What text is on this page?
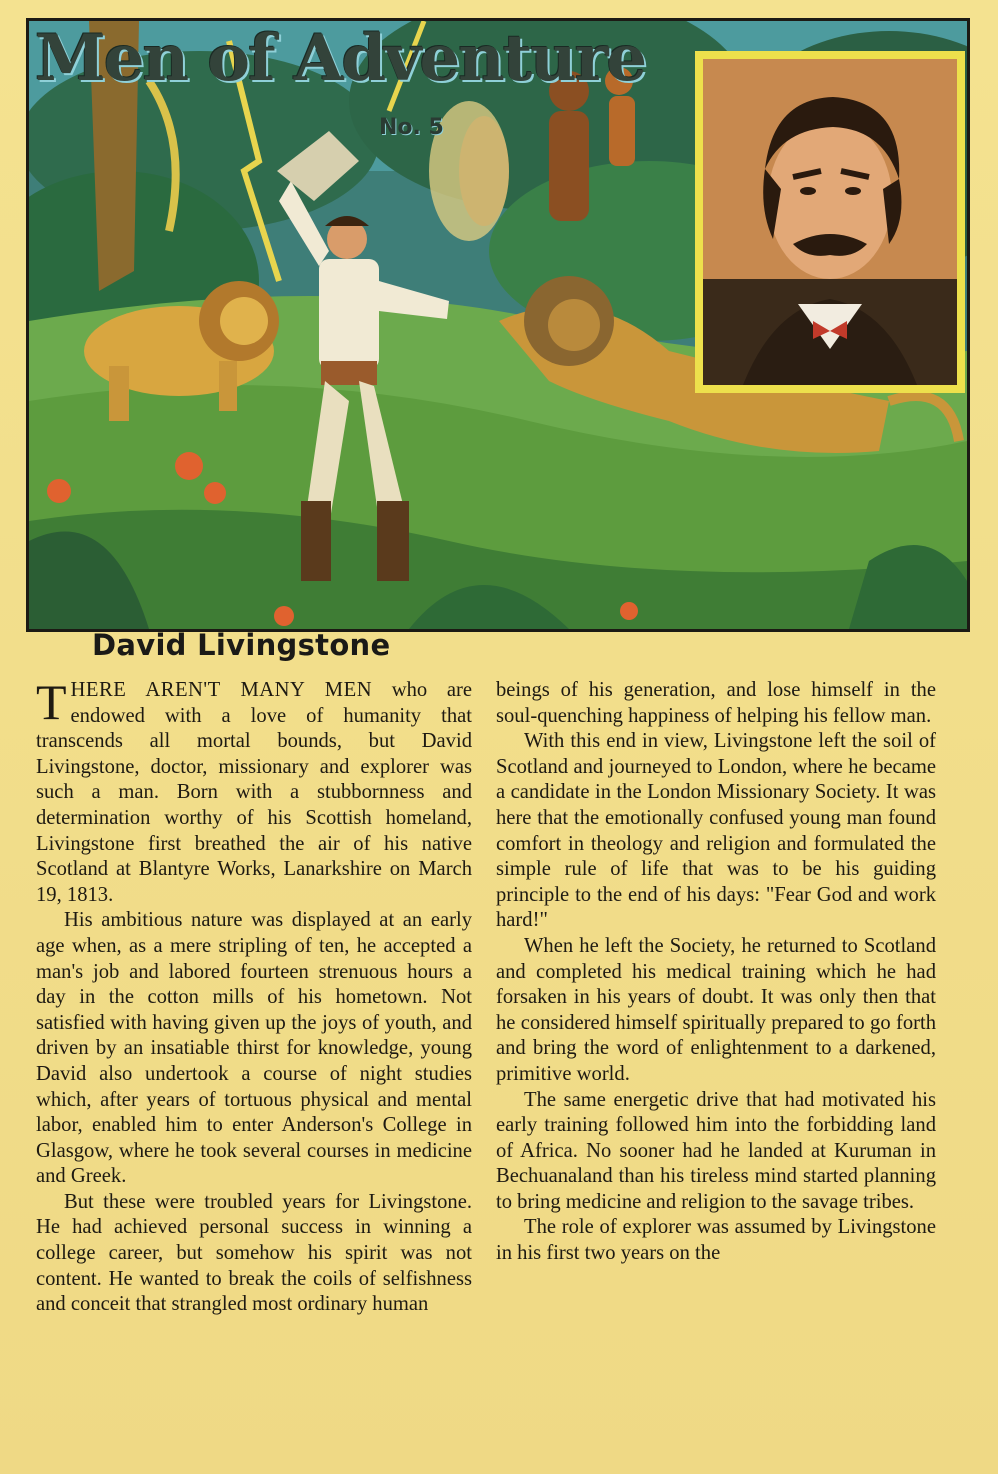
Men of Adventure
No. 5
David Livingstone

THERE AREN'T MANY MEN who are endowed with a love of humanity that transcends all mortal bounds, but David Livingstone, doctor, missionary and explorer was such a man. Born with a stubbornness and determination worthy of his Scottish homeland, Livingstone first breathed the air of his native Scotland at Blantyre Works, Lanarkshire on March 19, 1813.

His ambitious nature was displayed at an early age when, as a mere stripling of ten, he accepted a man's job and labored fourteen strenuous hours a day in the cotton mills of his hometown. Not satisfied with having given up the joys of youth, and driven by an insatiable thirst for knowledge, young David also undertook a course of night studies which, after years of tortuous physical and mental labor, enabled him to enter Anderson's College in Glasgow, where he took several courses in medicine and Greek.

But these were troubled years for Livingstone. He had achieved personal success in winning a college career, but somehow his spirit was not content. He wanted to break the coils of selfishness and conceit that strangled most ordinary human

beings of his generation, and lose himself in the soul-quenching happiness of helping his fellow man.

With this end in view, Livingstone left the soil of Scotland and journeyed to London, where he became a candidate in the London Missionary Society. It was here that the emotionally confused young man found comfort in theology and religion and formulated the simple rule of life that was to be his guiding principle to the end of his days: "Fear God and work hard!"

When he left the Society, he returned to Scotland and completed his medical training which he had forsaken in his years of doubt. It was only then that he considered himself spiritually prepared to go forth and bring the word of enlightenment to a darkened, primitive world.

The same energetic drive that had motivated his early training followed him into the forbidding land of Africa. No sooner had he landed at Kuruman in Bechuanaland than his tireless mind started planning to bring medicine and religion to the savage tribes.

The role of explorer was assumed by Livingstone in his first two years on the
